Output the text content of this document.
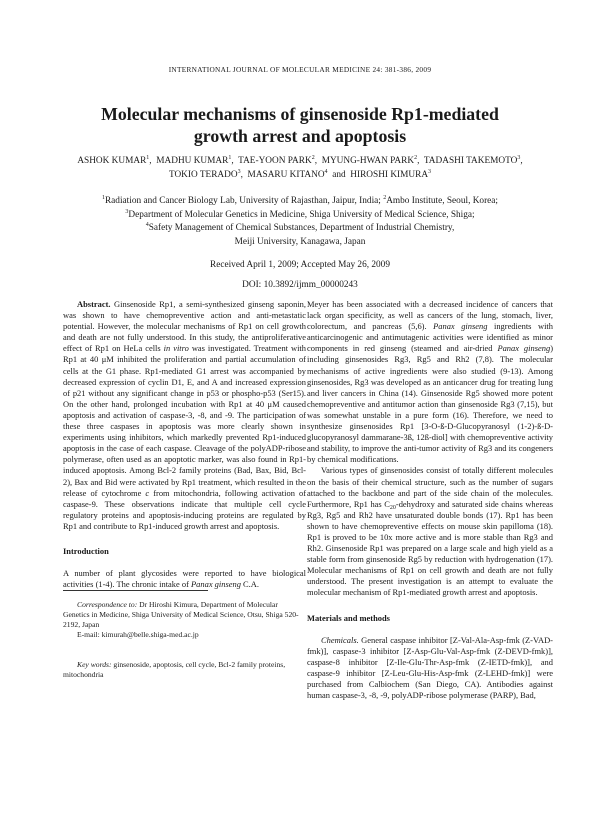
INTERNATIONAL JOURNAL OF MOLECULAR MEDICINE 24: 381-386, 2009
Molecular mechanisms of ginsenoside Rp1-mediated
growth arrest and apoptosis
ASHOK KUMAR$^1$,  MADHU KUMAR$^1$,  TAE-YOON PARK$^2$,  MYUNG-HWAN PARK$^2$,  TADASHI TAKEMOTO$^3$,
TOKIO TERADO$^3$,  MASARU KITANO$^4$ and HIROSHI KIMURA$^3$
$^1$Radiation and Cancer Biology Lab, University of Rajasthan, Jaipur, India; $^2$Ambo Institute, Seoul, Korea;
$^3$Department of Molecular Genetics in Medicine, Shiga University of Medical Science, Shiga;
$^4$Safety Management of Chemical Substances, Department of Industrial Chemistry,
Meiji University, Kanagawa, Japan
Received April 1, 2009; Accepted May 26, 2009
DOI: 10.3892/ijmm_00000243

Abstract. Ginsenoside Rp1, a semi-synthesized ginseng saponin, was shown to have chemopreventive action and anti-metastatic potential. However, the molecular mechanisms of Rp1 on cell growth and death are not fully understood. In this study, the antiproliferative effect of Rp1 on HeLa cells in vitro was investigated. Treatment with Rp1 at 40 μM inhibited the proliferation and partial accumulation of cells at the G1 phase. Rp1-mediated G1 arrest was accompanied by decreased expression of cyclin D1, E, and A and increased expression of p21 without any significant change in p53 or phospho-p53 (Ser15). On the other hand, prolonged incubation with Rp1 at 40 μM caused apoptosis and activation of caspase-3, -8, and -9. The participation of these three caspases in apoptosis was more clearly shown in experiments using inhibitors, which markedly prevented Rp1-induced apoptosis in the case of each caspase. Cleavage of the polyADP-ribose polymerase, often used as an apoptotic marker, was also found in Rp1-induced apoptosis. Among Bcl-2 family proteins (Bad, Bax, Bid, Bcl-2), Bax and Bid were activated by Rp1 treatment, which resulted in the release of cytochrome c from mitochondria, following activation of caspase-9. These observations indicate that multiple cell cycle regulatory proteins and apoptosis-inducing proteins are regulated by Rp1 and contribute to Rp1-induced growth arrest and apoptosis.

Introduction

A number of plant glycosides were reported to have biological activities (1-4). The chronic intake of Panax ginseng C.A.

Correspondence to: Dr Hiroshi Kimura, Department of Molecular Genetics in Medicine, Shiga University of Medical Science, Otsu, Shiga 520-2192, Japan

E-mail: kimurah@belle.shiga-med.ac.jp

Key words: ginsenoside, apoptosis, cell cycle, Bcl-2 family proteins, mitochondria

Meyer has been associated with a decreased incidence of cancers that lack organ specificity, as well as cancers of the lung, stomach, liver, colorectum, and pancreas (5,6). Panax ginseng ingredients with anticarcinogenic and antimutagenic activities were identified as minor components in red ginseng (steamed and air-dried Panax ginseng) including ginsenosides Rg3, Rg5 and Rh2 (7,8). The molecular mechanisms of active ingredients were also studied (9-13). Among ginsenosides, Rg3 was developed as an anticancer drug for treating lung and liver cancers in China (14). Ginsenoside Rg5 showed more potent chemopreventive and antitumor action than ginsenoside Rg3 (7,15), but was somewhat unstable in a pure form (16). Therefore, we need to synthesize ginsenosides Rp1 [3-O-ß-D-Glucopyranosyl (1-2)-ß-D-glucopyranosyl dammarane-3ß, 12ß-diol] with chemopreventive activity and stability, to improve the anti-tumor activity of Rg3 and its congeners by chemical modifications.

Various types of ginsenosides consist of totally different molecules on the basis of their chemical structure, such as the number of sugars attached to the backbone and part of the side chain of the molecules. Furthermore, Rp1 has $C_{20}$-dehydroxy and saturated side chains whereas Rg3, Rg5 and Rh2 have unsaturated double bonds (17). Rp1 has been shown to have chemopreventive effects on mouse skin papilloma (18). Rp1 is proved to be 10x more active and is more stable than Rg3 and Rh2. Ginsenoside Rp1 was prepared on a large scale and high yield as a stable form from ginsenoside Rg5 by reduction with hydrogenation (17). Molecular mechanisms of Rp1 on cell growth and death are not fully understood. The present investigation is an attempt to evaluate the molecular mechanism of Rp1-mediated growth arrest and apoptosis.

Materials and methods

Chemicals. General caspase inhibitor [Z-Val-Ala-Asp-fmk (Z-VAD-fmk)], caspase-3 inhibitor [Z-Asp-Glu-Val-Asp-fmk (Z-DEVD-fmk)], caspase-8 inhibitor [Z-Ile-Glu-Thr-Asp-fmk (Z-IETD-fmk)], and caspase-9 inhibitor [Z-Leu-Glu-His-Asp-fmk (Z-LEHD-fmk)] were purchased from Calbiochem (San Diego, CA). Antibodies against human caspase-3, -8, -9, polyADP-ribose polymerase (PARP), Bad,
